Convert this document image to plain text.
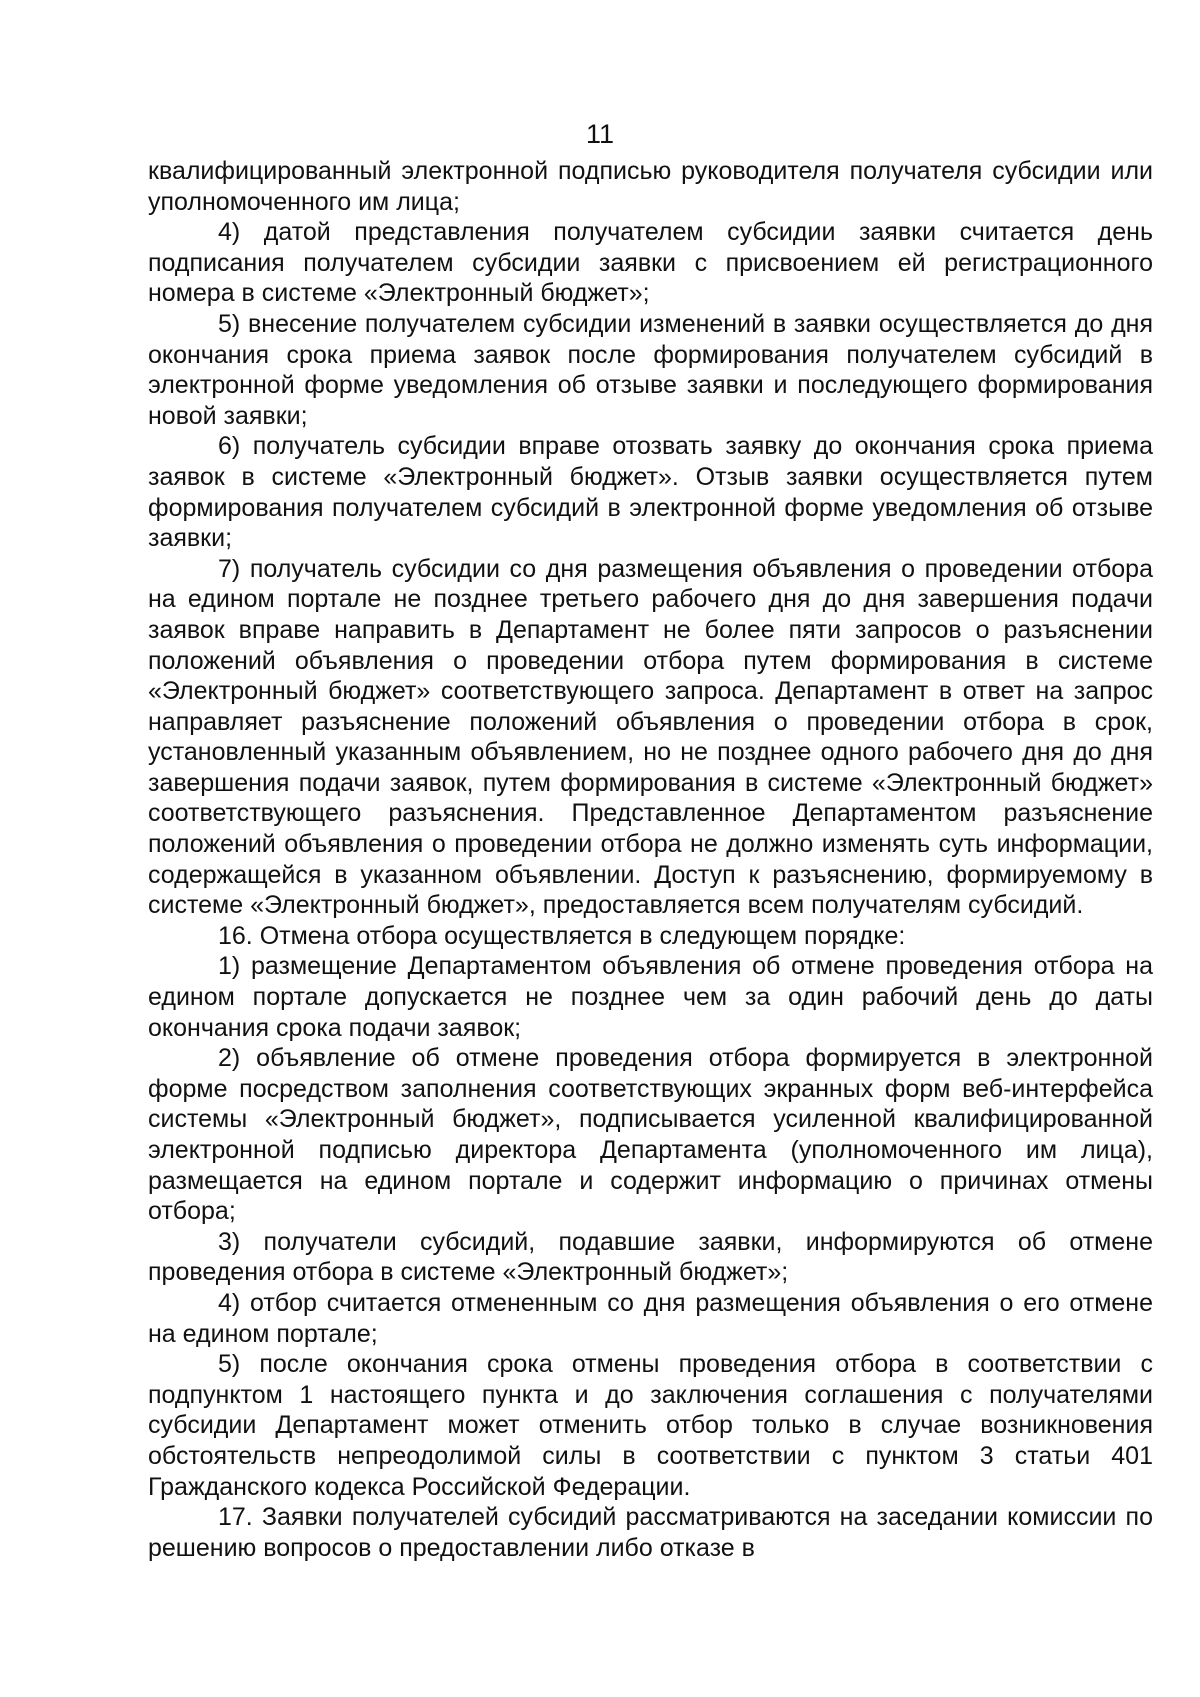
11

квалифицированный электронной подписью руководителя получателя субсидии или уполномоченного им лица;

4) датой представления получателем субсидии заявки считается день подписания получателем субсидии заявки с присвоением ей регистрационного номера в системе «Электронный бюджет»;

5) внесение получателем субсидии изменений в заявки осуществляется до дня окончания срока приема заявок после формирования получателем субсидий в электронной форме уведомления об отзыве заявки и последующего формирования новой заявки;

6) получатель субсидии вправе отозвать заявку до окончания срока приема заявок в системе «Электронный бюджет». Отзыв заявки осуществляется путем формирования получателем субсидий в электронной форме уведомления об отзыве заявки;

7) получатель субсидии со дня размещения объявления о проведении отбора на едином портале не позднее третьего рабочего дня до дня завершения подачи заявок вправе направить в Департамент не более пяти запросов о разъяснении положений объявления о проведении отбора путем формирования в системе «Электронный бюджет» соответствующего запроса. Департамент в ответ на запрос направляет разъяснение положений объявления о проведении отбора в срок, установленный указанным объявлением, но не позднее одного рабочего дня до дня завершения подачи заявок, путем формирования в системе «Электронный бюджет» соответствующего разъяснения. Представленное Департаментом разъяснение положений объявления о проведении отбора не должно изменять суть информации, содержащейся в указанном объявлении. Доступ к разъяснению, формируемому в системе «Электронный бюджет», предоставляется всем получателям субсидий.

16. Отмена отбора осуществляется в следующем порядке:

1) размещение Департаментом объявления об отмене проведения отбора на едином портале допускается не позднее чем за один рабочий день до даты окончания срока подачи заявок;

2) объявление об отмене проведения отбора формируется в электронной форме посредством заполнения соответствующих экранных форм веб-интерфейса системы «Электронный бюджет», подписывается усиленной квалифицированной электронной подписью директора Департамента (уполномоченного им лица), размещается на едином портале и содержит информацию о причинах отмены отбора;

3) получатели субсидий, подавшие заявки, информируются об отмене проведения отбора в системе «Электронный бюджет»;

4) отбор считается отмененным со дня размещения объявления о его отмене на едином портале;

5) после окончания срока отмены проведения отбора в соответствии с подпунктом 1 настоящего пункта и до заключения соглашения с получателями субсидии Департамент может отменить отбор только в случае возникновения обстоятельств непреодолимой силы в соответствии с пунктом 3 статьи 401 Гражданского кодекса Российской Федерации.

17. Заявки получателей субсидий рассматриваются на заседании комиссии по решению вопросов о предоставлении либо отказе в
